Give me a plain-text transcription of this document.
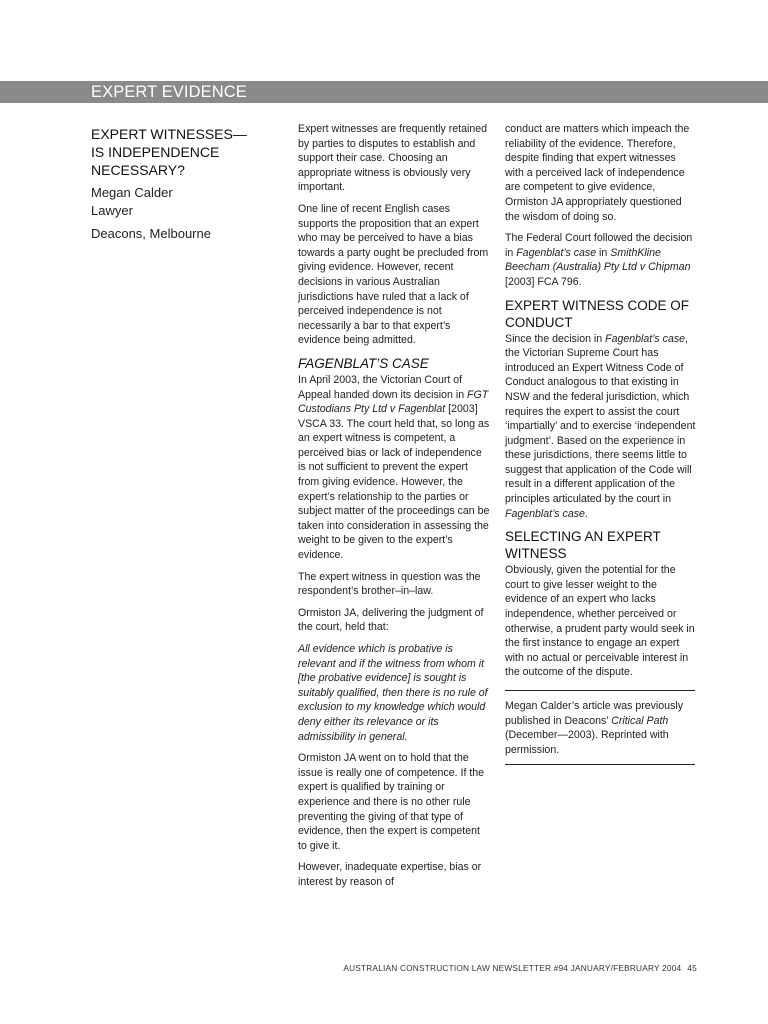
EXPERT EVIDENCE
EXPERT WITNESSES—
IS INDEPENDENCE
NECESSARY?
Megan Calder
Lawyer
Deacons, Melbourne

Expert witnesses are frequently retained by parties to disputes to establish and support their case. Choosing an appropriate witness is obviously very important.

One line of recent English cases supports the proposition that an expert who may be perceived to have a bias towards a party ought be precluded from giving evidence. However, recent decisions in various Australian jurisdictions have ruled that a lack of perceived independence is not necessarily a bar to that expert’s evidence being admitted.

FAGENBLAT’S CASE

In April 2003, the Victorian Court of Appeal handed down its decision in FGT Custodians Pty Ltd v Fagenblat [2003] VSCA 33. The court held that, so long as an expert witness is competent, a perceived bias or lack of independence is not sufficient to prevent the expert from giving evidence. However, the expert’s relationship to the parties or subject matter of the proceedings can be taken into consideration in assessing the weight to be given to the expert’s evidence.

The expert witness in question was the respondent’s brother–in–law.

Ormiston JA, delivering the judgment of the court, held that:

All evidence which is probative is relevant and if the witness from whom it [the probative evidence] is sought is suitably qualified, then there is no rule of exclusion to my knowledge which would deny either its relevance or its admissibility in general.

Ormiston JA went on to hold that the issue is really one of competence. If the expert is qualified by training or experience and there is no other rule preventing the giving of that type of evidence, then the expert is competent to give it.

However, inadequate expertise, bias or interest by reason of

conduct are matters which impeach the reliability of the evidence. Therefore, despite finding that expert witnesses with a perceived lack of independence are competent to give evidence, Ormiston JA appropriately questioned the wisdom of doing so.

The Federal Court followed the decision in Fagenblat’s case in SmithKline Beecham (Australia) Pty Ltd v Chipman [2003] FCA 796.

EXPERT WITNESS CODE OF CONDUCT

Since the decision in Fagenblat’s case, the Victorian Supreme Court has introduced an Expert Witness Code of Conduct analogous to that existing in NSW and the federal jurisdiction, which requires the expert to assist the court ‘impartially’ and to exercise ‘independent judgment’. Based on the experience in these jurisdictions, there seems little to suggest that application of the Code will result in a different application of the principles articulated by the court in Fagenblat’s case.

SELECTING AN EXPERT WITNESS

Obviously, given the potential for the court to give lesser weight to the evidence of an expert who lacks independence, whether perceived or otherwise, a prudent party would seek in the first instance to engage an expert with no actual or perceivable interest in the outcome of the dispute.

Megan Calder’s article was previously published in Deacons’ Critical Path (December—2003). Reprinted with permission.

AUSTRALIAN CONSTRUCTION LAW NEWSLETTER #94 JANUARY/FEBRUARY 2004 45
